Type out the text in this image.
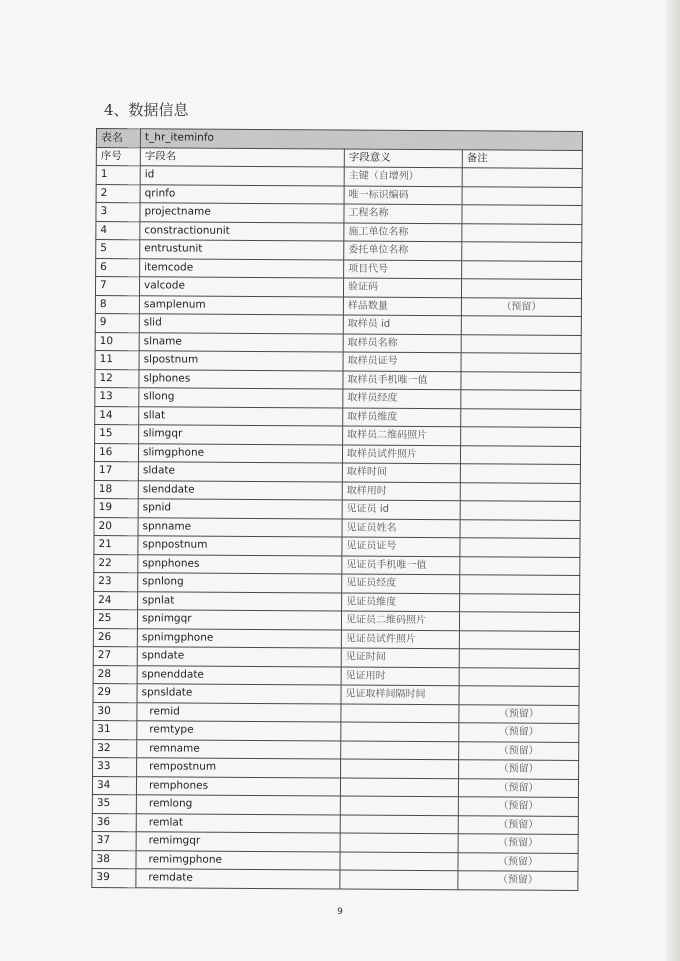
4、数据信息
表名	t_hr_iteminfo		
序号	字段名	字段意义	备注
1	id	主键（自增列）	
2	qrinfo	唯一标识编码	
3	projectname	工程名称	
4	constractionunit	施工单位名称	
5	entrustunit	委托单位名称	
6	itemcode	项目代号	
7	valcode	验证码	
8	samplenum	样品数量	（预留）
9	slid	取样员 id	
10	slname	取样员名称	
11	slpostnum	取样员证号	
12	slphones	取样员手机唯一值	
13	sllong	取样员经度	
14	sllat	取样员维度	
15	slimgqr	取样员二维码照片	
16	slimgphone	取样员试件照片	
17	sldate	取样时间	
18	slenddate	取样用时	
19	spnid	见证员 id	
20	spnname	见证员姓名	
21	spnpostnum	见证员证号	
22	spnphones	见证员手机唯一值	
23	spnlong	见证员经度	
24	spnlat	见证员维度	
25	spnimgqr	见证员二维码照片	
26	spnimgphone	见证员试件照片	
27	spndate	见证时间	
28	spnenddate	见证用时	
29	spnsldate	见证取样间隔时间	
30	remid		（预留）
31	remtype		（预留）
32	remname		（预留）
33	rempostnum		（预留）
34	remphones		（预留）
35	remlong		（预留）
36	remlat		（预留）
37	remimgqr		（预留）
38	remimgphone		（预留）
39	remdate		（预留）
9
